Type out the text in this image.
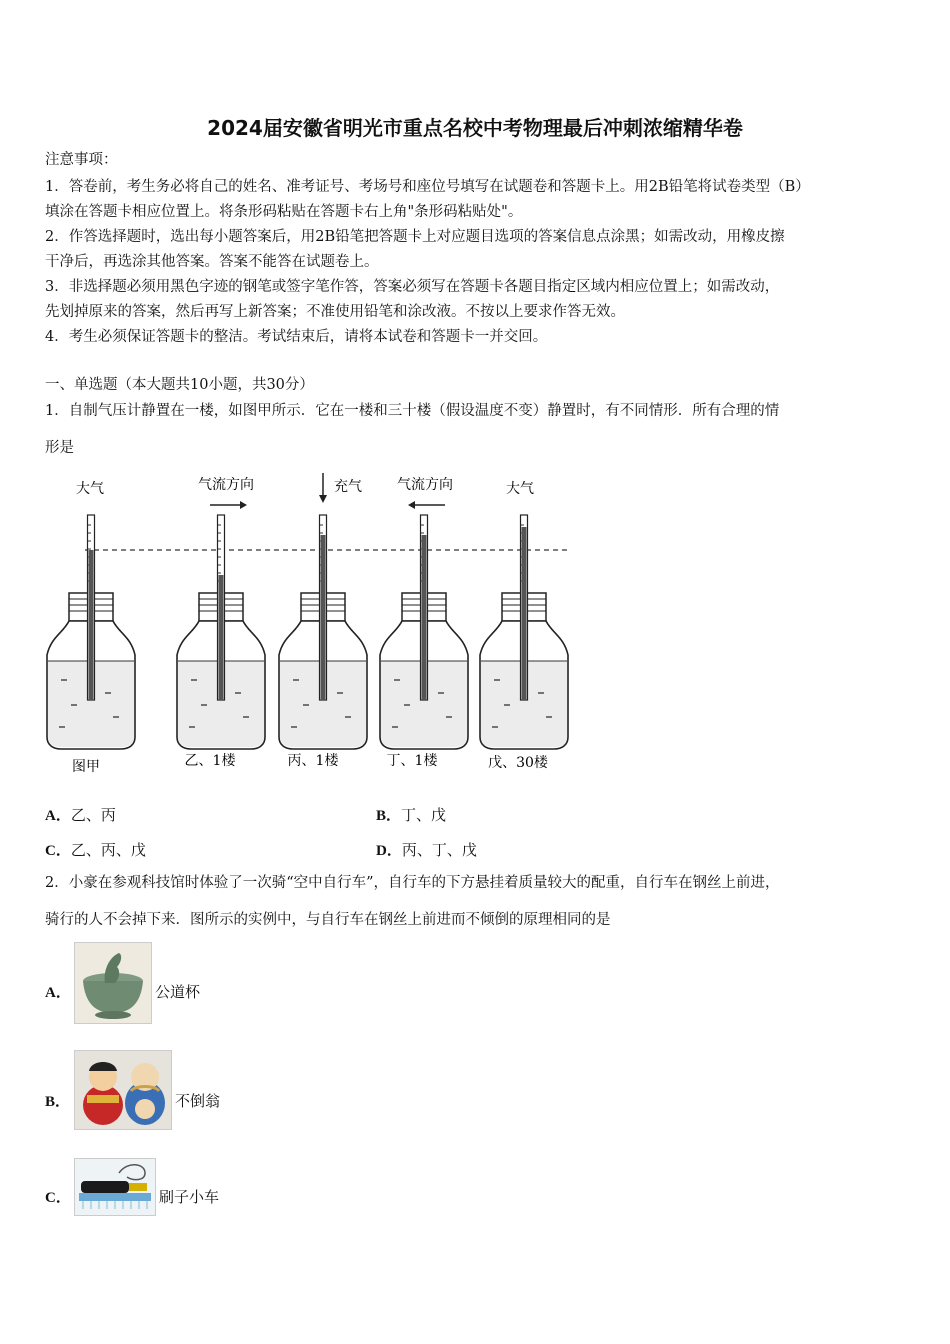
2024届安徽省明光市重点名校中考物理最后冲刺浓缩精华卷
注意事项：
1．答卷前，考生务必将自己的姓名、准考证号、考场号和座位号填写在试题卷和答题卡上。用2B铅笔将试卷类型（B）
填涂在答题卡相应位置上。将条形码粘贴在答题卡右上角"条形码粘贴处"。
2．作答选择题时，选出每小题答案后，用2B铅笔把答题卡上对应题目选项的答案信息点涂黑；如需改动，用橡皮擦
干净后，再选涂其他答案。答案不能答在试题卷上。
3．非选择题必须用黑色字迹的钢笔或签字笔作答，答案必须写在答题卡各题目指定区域内相应位置上；如需改动，
先划掉原来的答案，然后再写上新答案；不准使用铅笔和涂改液。不按以上要求作答无效。
4．考生必须保证答题卡的整洁。考试结束后，请将本试卷和答题卡一并交回。
一、单选题（本大题共10小题，共30分）
1．自制气压计静置在一楼，如图甲所示．它在一楼和三十楼（假设温度不变）静置时，有不同情形．所有合理的情
形是
大气	气流方向	充气	气流方向	大气
图甲	乙、1楼	丙、1楼	丁、1楼	戊、30楼
A．乙、丙	B．丁、戊
C．乙、丙、戊	D．丙、丁、戊
2．小豪在参观科技馆时体验了一次骑“空中自行车”，自行车的下方悬挂着质量较大的配重，自行车在钢丝上前进，
骑行的人不会掉下来．图所示的实例中，与自行车在钢丝上前进而不倾倒的原理相同的是
A．	公道杯
B．	不倒翁
C．	刷子小车
